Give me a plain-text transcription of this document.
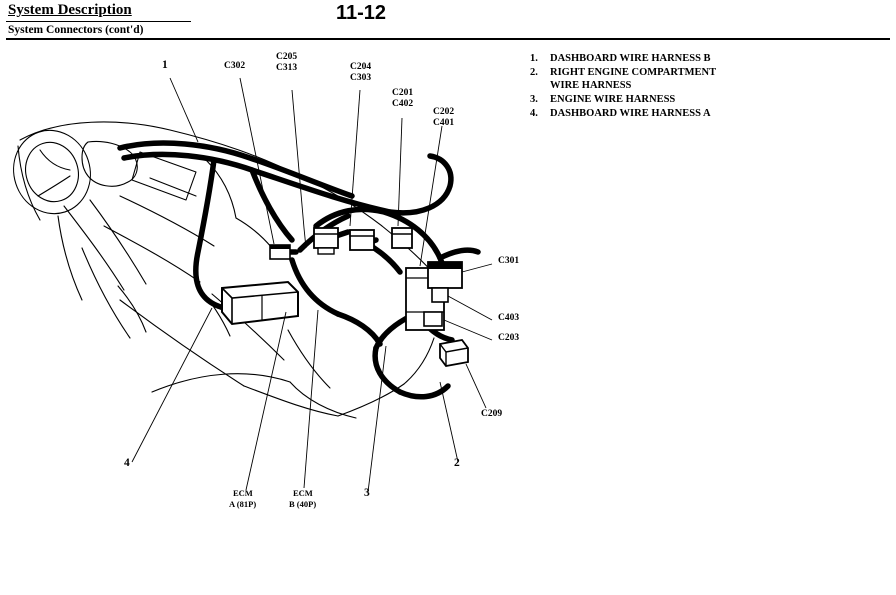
System Description
System Connectors (cont'd)
11-12
1.	DASHBOARD WIRE HARNESS B
2.	RIGHT ENGINE COMPARTMENT
WIRE HARNESS
3.	ENGINE WIRE HARNESS
4.	DASHBOARD WIRE HARNESS A
1
2
3
4
C302
C205
C313	C204
C303
C201
C402
C202
C401
C301
C403
C203
C209
ECM
A (81P)
ECM
B (40P)
